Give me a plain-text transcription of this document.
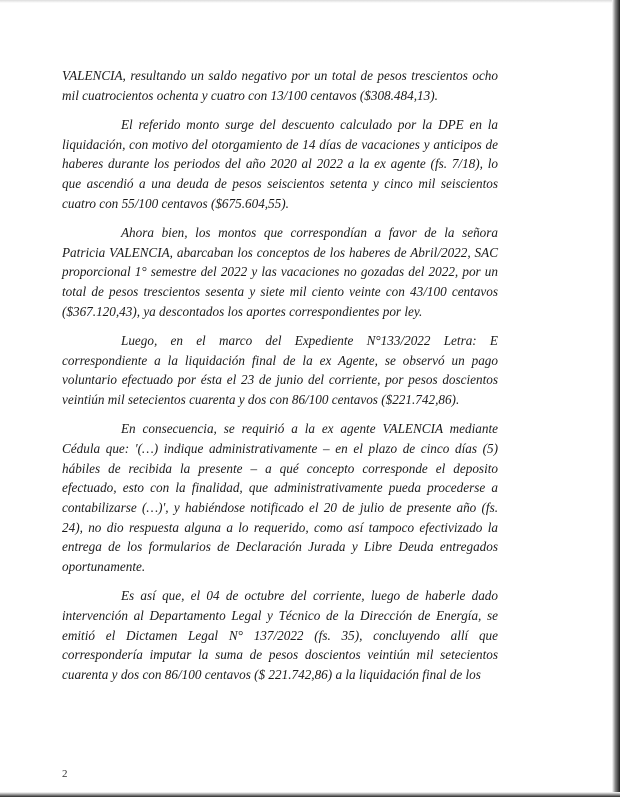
VALENCIA, resultando un saldo negativo por un total de pesos trescientos ocho mil cuatrocientos ochenta y cuatro con 13/100 centavos ($308.484,13).

El referido monto surge del descuento calculado por la DPE en la liquidación, con motivo del otorgamiento de 14 días de vacaciones y anticipos de haberes durante los periodos del año 2020 al 2022 a la ex agente (fs. 7/18), lo que ascendió a una deuda de pesos seiscientos setenta y cinco mil seiscientos cuatro con 55/100 centavos ($675.604,55).

Ahora bien, los montos que correspondían a favor de la señora Patricia VALENCIA, abarcaban los conceptos de los haberes de Abril/2022, SAC proporcional 1° semestre del 2022 y las vacaciones no gozadas del 2022, por un total de pesos trescientos sesenta y siete mil ciento veinte con 43/100 centavos ($367.120,43), ya descontados los aportes correspondientes por ley.

Luego, en el marco del Expediente N°133/2022 Letra: E correspondiente a la liquidación final de la ex Agente, se observó un pago voluntario efectuado por ésta el 23 de junio del corriente, por pesos doscientos veintiún mil setecientos cuarenta y dos con 86/100 centavos ($221.742,86).

En consecuencia, se requirió a la ex agente VALENCIA mediante Cédula que: '(…) indique administrativamente – en el plazo de cinco días (5) hábiles de recibida la presente – a qué concepto corresponde el deposito efectuado, esto con la finalidad, que administrativamente pueda procederse a contabilizarse (…)', y habiéndose notificado el 20 de julio de presente año (fs. 24), no dio respuesta alguna a lo requerido, como así tampoco efectivizado la entrega de los formularios de Declaración Jurada y Libre Deuda entregados oportunamente.

Es así que, el 04 de octubre del corriente, luego de haberle dado intervención al Departamento Legal y Técnico de la Dirección de Energía, se emitió el Dictamen Legal N° 137/2022 (fs. 35), concluyendo allí que correspondería imputar la suma de pesos doscientos veintiún mil setecientos cuarenta y dos con 86/100 centavos ($ 221.742,86) a la liquidación final de los

2
